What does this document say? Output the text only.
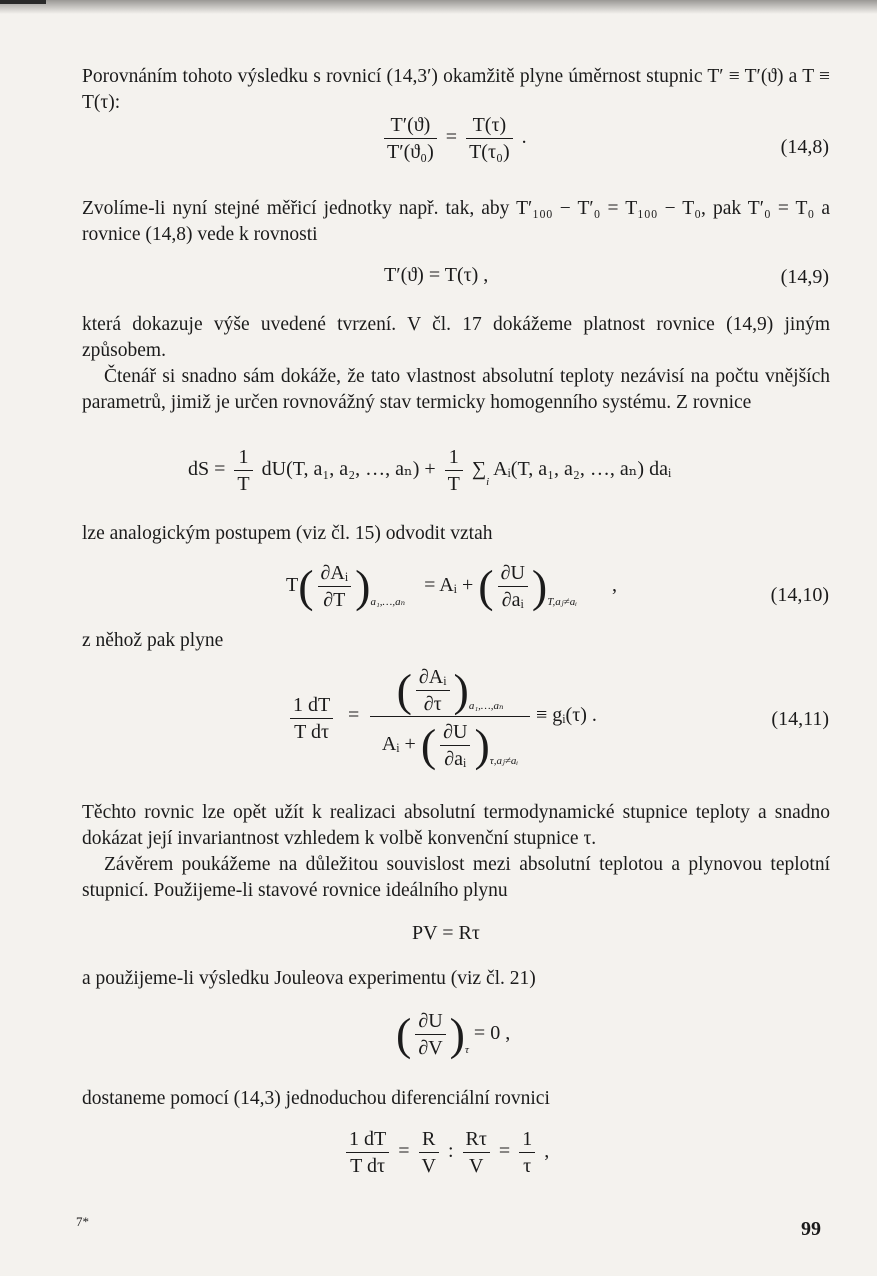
Porovnáním tohoto výsledku s rovnicí (14,3′) okamžitě plyne úměrnost stupnic T′ ≡ T′(ϑ) a T ≡ T(τ):

$\frac{T'(ϑ)}{\text{T′(ϑ₀)}} = \frac{T(\tau)}{\text{T(τ₀)}}$ .	(14,8)

Zvolíme-li nyní stejné měřicí jednotky např. tak, aby T′₁₀₀ − T′₀ = T₁₀₀ − T₀, pak T′₀ = T₀ a rovnice (14,8) vede k rovnosti

T′(ϑ) = T(τ) ,	(14,9)

která dokazuje výše uvedené tvrzení. V čl. 17 dokážeme platnost rovnice (14,9) jiným způsobem.

Čtenář si snadno sám dokáže, že tato vlastnost absolutní teploty nezávisí na počtu vnějších parametrů, jimiž je určen rovnovážný stav termicky homogenního systému. Z rovnice

dS = $\frac{1}{T} dU(T$, a₁, a₂, …, $a_n) + \frac{1}{T} \sum_i$ Aᵢ(T, a₁, a₂, …, aₙ) daᵢ

lze analogickým postupem (viz čl. 15) odvodit vztah

$T( \frac{\text{∂Aᵢ}}{\partial T} )_{a_1,\dots,a_n}$ = Aᵢ + ( $\frac{\partial U}{\text{∂aᵢ}} )_{T,aⱼ\ne aᵢ}$ ,	(14,10)

z něhož pak plyne

$\frac{1 dT}{\text{T dτ}} = \frac{( \frac{\text{∂Aᵢ}}{\partial\tau} )_{a_1,\dots,a_n}}{Aᵢ + ( \frac{\partial U}{\text{∂aᵢ}} )_{\tau,aⱼ\ne aᵢ}}$ ≡ gᵢ(τ) .	(14,11)

Těchto rovnic lze opět užít k realizaci absolutní termodynamické stupnice teploty a snadno dokázat její invariantnost vzhledem k volbě konvenční stupnice τ.

Závěrem poukážeme na důležitou souvislost mezi absolutní teplotou a plynovou teplotní stupnicí. Použijeme-li stavové rovnice ideálního plynu

PV = Rτ

a použijeme-li výsledku Jouleova experimentu (viz čl. 21)

( $\frac{\partial U}{\partial V} )_\tau = 0$ ,

dostaneme pomocí (14,3) jednoduchou diferenciální rovnici

$\frac{1 dT}{\text{T dτ}} = \frac{R}{V}$ : $\frac{R\tau}{V} = \frac{1}{\tau}$ ,
7*	99
